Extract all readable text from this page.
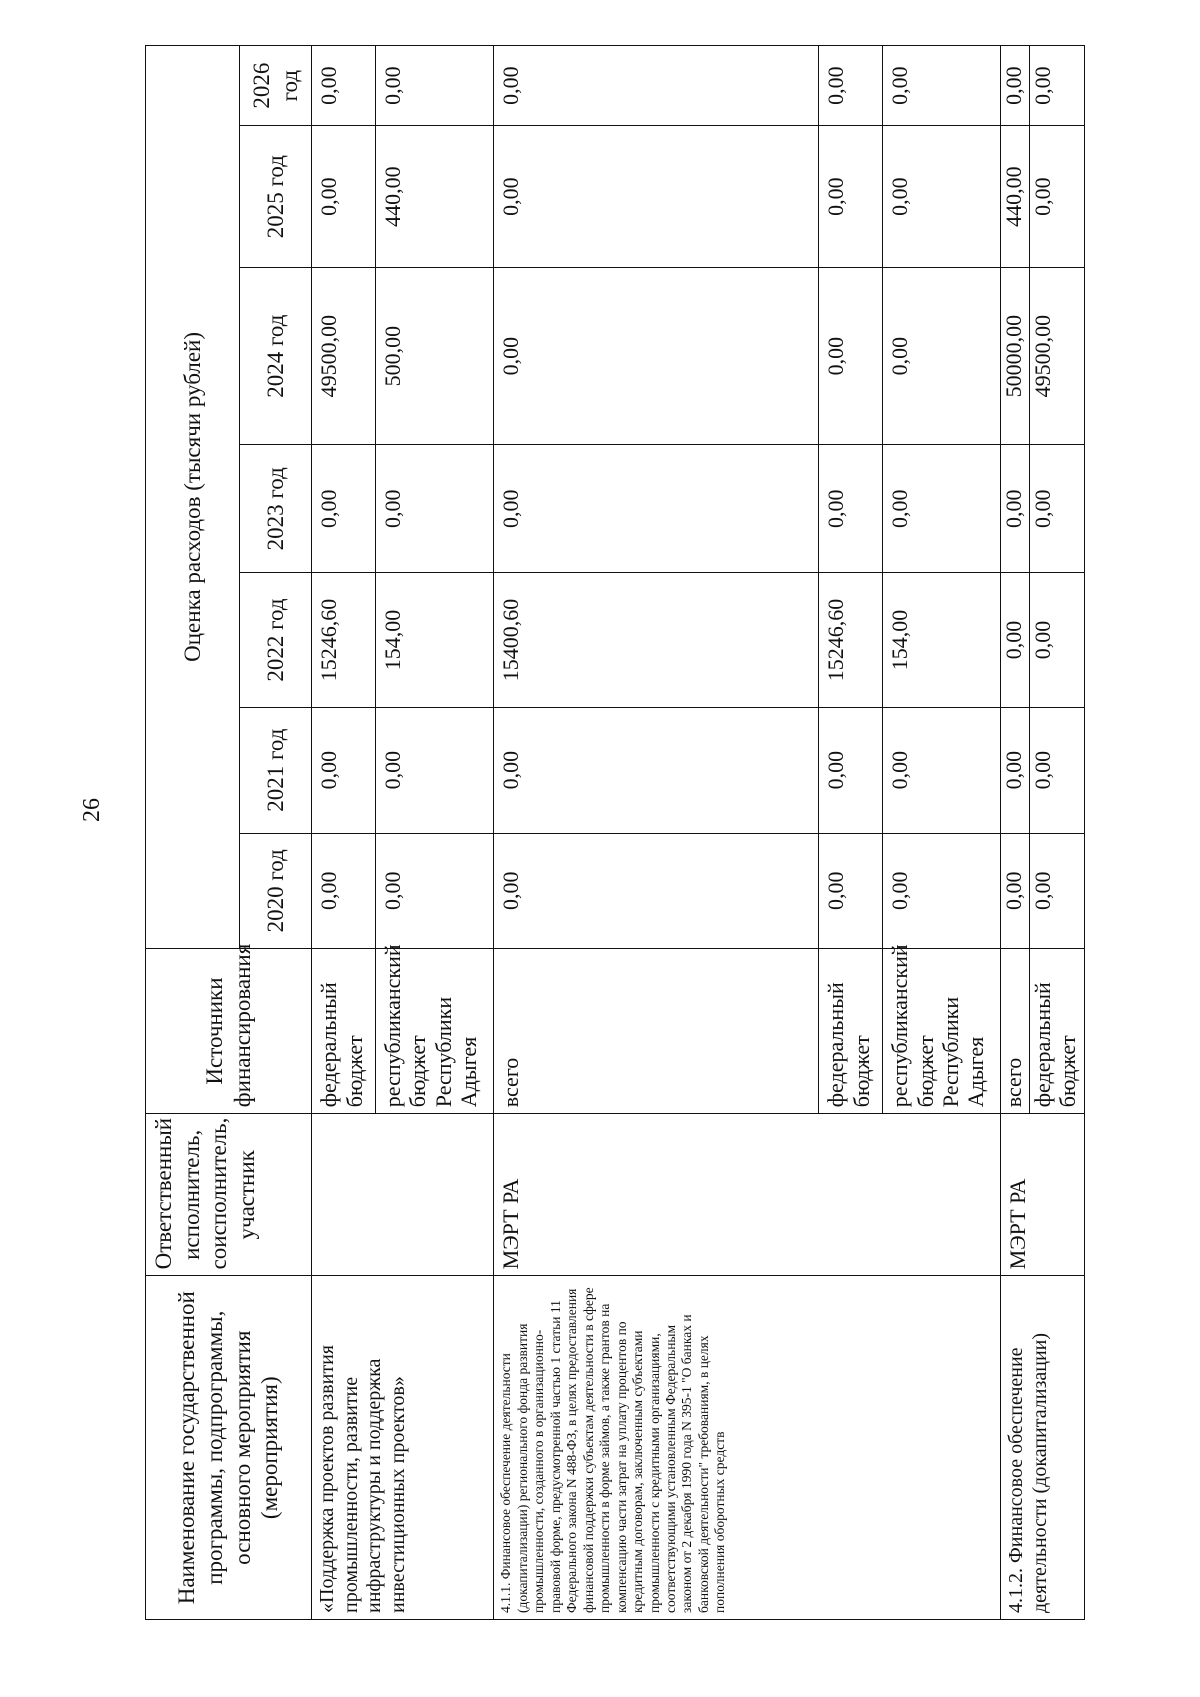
26
Наименование государственной программы, подпрограммы, основного мероприятия (мероприятия)	Ответственный исполнитель, соисполнитель, участник	Источники финансирования	Оценка расходов (тысячи рублей)						
			2020 год	2021 год	2022 год	2023 год	2024 год	2025 год	2026 год
«Поддержка проектов развития промышленности, развитие инфраструктуры и поддержка инвестиционных проектов»		федеральный бюджет	0,00	0,00	15246,60	0,00	49500,00	0,00	0,00
		республиканский бюджет Республики Адыгея	0,00	0,00	154,00	0,00	500,00	440,00	0,00
4.1.1. Финансовое обеспечение деятельности (докапитализации) регионального фонда развития промышленности, созданного в организационно-правовой форме, предусмотренной частью 1 статьи 11 Федерального закона N 488-ФЗ, в целях предоставления финансовой поддержки субъектам деятельности в сфере промышленности в форме займов, а также грантов на компенсацию части затрат на уплату процентов по кредитным договорам, заключенным субъектами промышленности с кредитными организациями, соответствующими установленным Федеральным законом от 2 декабря 1990 года N 395-1 "О банках и банковской деятельности" требованиям, в целях пополнения оборотных средств	МЭРТ РА	всего	0,00	0,00	15400,60	0,00	0,00	0,00	0,00
		федеральный бюджет	0,00	0,00	15246,60	0,00	0,00	0,00	0,00
		республиканский бюджет Республики Адыгея	0,00	0,00	154,00	0,00	0,00	0,00	0,00
4.1.2. Финансовое обеспечение деятельности (докапитализации)	МЭРТ РА	всего	0,00	0,00	0,00	0,00	50000,00	440,00	0,00
		федеральный бюджет	0,00	0,00	0,00	0,00	49500,00	0,00	0,00
